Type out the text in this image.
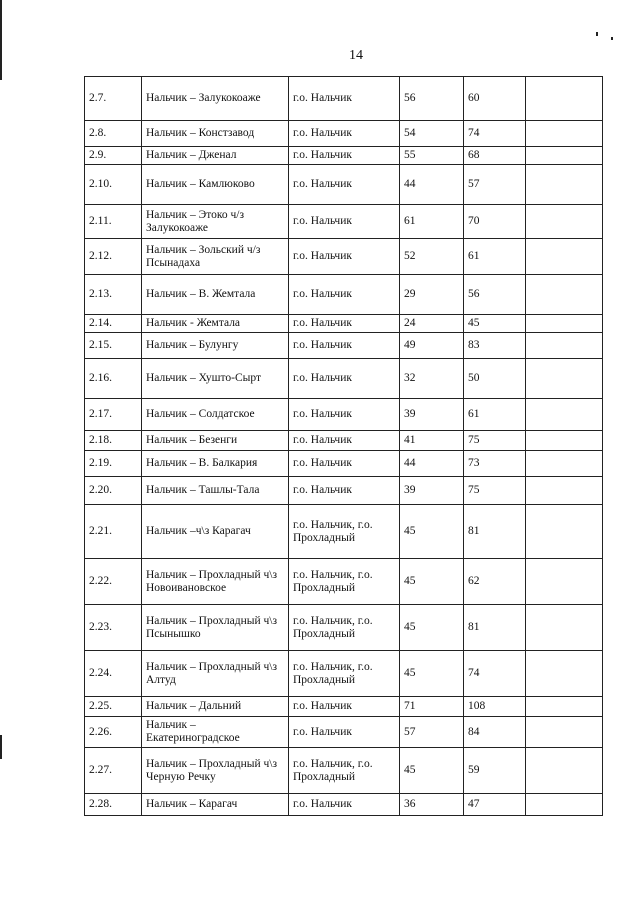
14
2.7.	Нальчик – Залукокоаже	г.о. Нальчик	56	60	
2.8.	Нальчик – Констзавод	г.о. Нальчик	54	74	
2.9.	Нальчик – Дженал	г.о. Нальчик	55	68	
2.10.	Нальчик – Камлюково	г.о. Нальчик	44	57	
2.11.	Нальчик – Этоко ч/з Залукокоаже	г.о. Нальчик	61	70	
2.12.	Нальчик – Зольский ч/з Псынадаха	г.о. Нальчик	52	61	
2.13.	Нальчик – В. Жемтала	г.о. Нальчик	29	56	
2.14.	Нальчик - Жемтала	г.о. Нальчик	24	45	
2.15.	Нальчик – Булунгу	г.о. Нальчик	49	83	
2.16.	Нальчик – Хушто-Сырт	г.о. Нальчик	32	50	
2.17.	Нальчик – Солдатское	г.о. Нальчик	39	61	
2.18.	Нальчик – Безенги	г.о. Нальчик	41	75	
2.19.	Нальчик – В. Балкария	г.о. Нальчик	44	73	
2.20.	Нальчик – Ташлы-Тала	г.о. Нальчик	39	75	
2.21.	Нальчик –ч\з Карагач	г.о. Нальчик, г.о. Прохладный	45	81	
2.22.	Нальчик – Прохладный ч\з Новоивановское	г.о. Нальчик, г.о. Прохладный	45	62	
2.23.	Нальчик – Прохладный ч\з Псынышко	г.о. Нальчик, г.о. Прохладный	45	81	
2.24.	Нальчик – Прохладный ч\з Алтуд	г.о. Нальчик, г.о. Прохладный	45	74	
2.25.	Нальчик – Дальний	г.о. Нальчик	71	108	
2.26.	Нальчик – Екатериноградское	г.о. Нальчик	57	84	
2.27.	Нальчик – Прохладный ч\з Черную Речку	г.о. Нальчик, г.о. Прохладный	45	59	
2.28.	Нальчик – Карагач	г.о. Нальчик	36	47	
